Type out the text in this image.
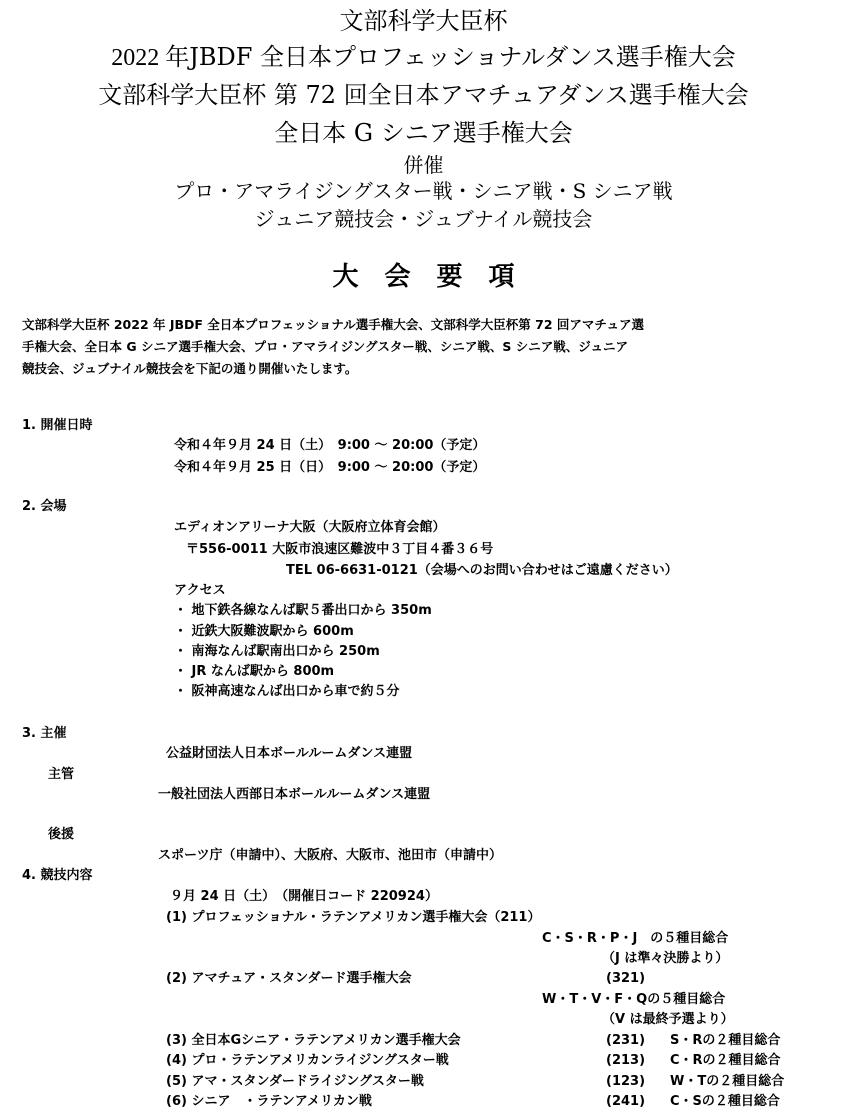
文部科学大臣杯
2022 年JBDF 全日本プロフェッショナルダンス選手権大会
文部科学大臣杯 第 72 回全日本アマチュアダンス選手権大会
全日本 G シニア選手権大会
併催
プロ・アマライジングスター戦・シニア戦・S シニア戦
ジュニア競技会・ジュブナイル競技会
大会要項
文部科学大臣杯 2022 年 JBDF 全日本プロフェッショナル選手権大会、文部科学大臣杯第 72 回アマチュア選
手権大会、全日本 G シニア選手権大会、プロ・アマライジングスター戦、シニア戦、S シニア戦、ジュニア
競技会、ジュブナイル競技会を下記の通り開催いたします。
1. 開催日時
令和４年９月 24 日（土）　9:00 ～ 20:00（予定）
令和４年９月 25 日（日）　9:00 ～ 20:00（予定）
2. 会場
エディオンアリーナ大阪（大阪府立体育会館）
〒556-0011 大阪市浪速区難波中３丁目４番３６号
TEL 06-6631-0121（会場へのお問い合わせはご遠慮ください）
アクセス
・ 地下鉄各線なんば駅５番出口から 350m
・ 近鉄大阪難波駅から 600m
・ 南海なんば駅南出口から 250m
・ JR なんば駅から 800m
・ 阪神高速なんば出口から車で約５分
3. 主催
公益財団法人日本ボールルームダンス連盟
主管
一般社団法人西部日本ボールルームダンス連盟
後援
スポーツ庁（申請中）、大阪府、大阪市、池田市（申請中）
4. 競技内容
９月 24 日（土）　（開催日コード 220924）
(1) プロフェッショナル・ラテンアメリカン選手権大会（211）
C・S・R・P・J　の５種目総合
（J は準々決勝より）
(2) アマチュア・スタンダード選手権大会	(321)
W・T・V・F・Qの５種目総合
（V は最終予選より）
(3) 全日本Gシニア・ラテンアメリカン選手権大会	(231) S・Rの２種目総合
(4) プロ・ラテンアメリカンライジングスター戦	(213) C・Rの２種目総合
(5) アマ・スタンダードライジングスター戦	(123) W・Tの２種目総合
(6) シニア　・ラテンアメリカン戦	(241) C・Sの２種目総合
